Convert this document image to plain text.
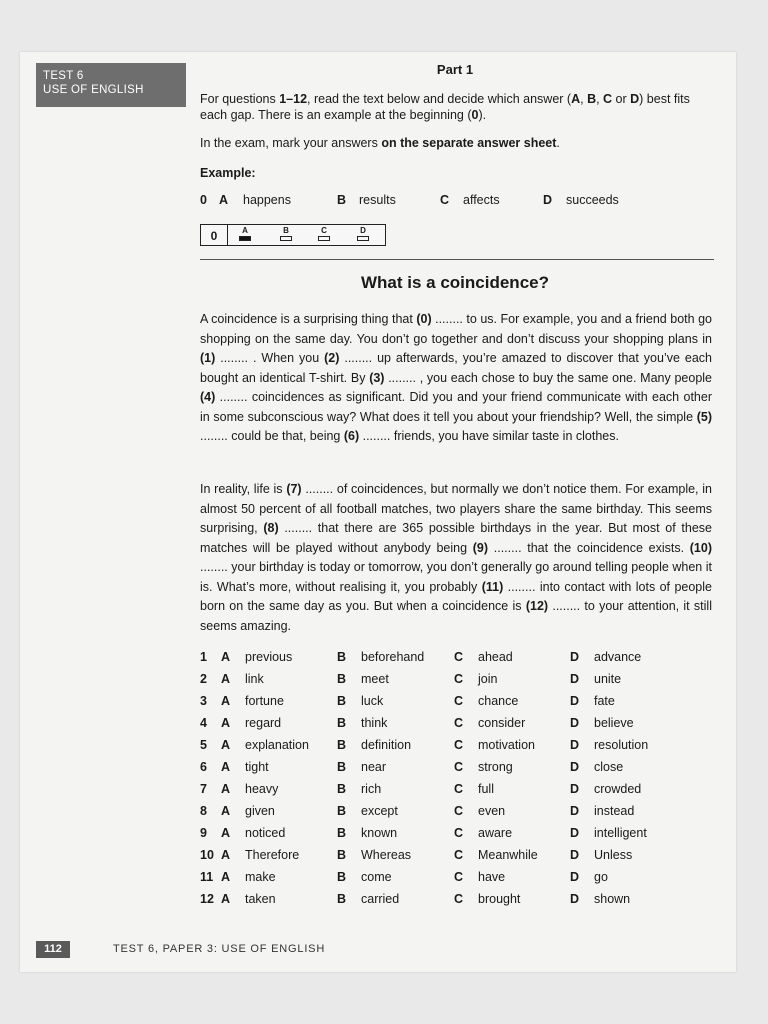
TEST 6
USE OF ENGLISH
Part 1
For questions 1–12, read the text below and decide which answer (A, B, C or D) best fits each gap. There is an example at the beginning (0).
In the exam, mark your answers on the separate answer sheet.
Example:
0 A happens	B results	C affects	D succeeds
0	A	B	C	D
What is a coincidence?

A coincidence is a surprising thing that (0) ........ to us. For example, you and a friend both go shopping on the same day. You don’t go together and don’t discuss your shopping plans in (1) ........ . When you (2) ........ up afterwards, you’re amazed to discover that you’ve each bought an identical T-shirt. By (3) ........ , you each chose to buy the same one. Many people (4) ........ coincidences as significant. Did you and your friend communicate with each other in some subconscious way? What does it tell you about your friendship? Well, the simple (5) ........ could be that, being (6) ........ friends, you have similar taste in clothes.

In reality, life is (7) ........ of coincidences, but normally we don’t notice them. For example, in almost 50 percent of all football matches, two players share the same birthday. This seems surprising, (8) ........ that there are 365 possible birthdays in the year. But most of these matches will be played without anybody being (9) ........ that the coincidence exists. (10) ........ your birthday is today or tomorrow, you don’t generally go around telling people when it is. What’s more, without realising it, you probably (11) ........ into contact with lots of people born on the same day as you. But when a coincidence is (12) ........ to your attention, it still seems amazing.

1 A previous	B beforehand C ahead	D advance
2 A link	B meet	C join	D unite
3 A fortune	B luck	C chance	D fate
4 A regard	B think	C consider	D believe
5 A explanation B definition	C motivation	D resolution
6 A tight	B near	C strong	D close
7 A heavy	B rich	C full	D crowded
8 A given	B except	C even	D instead
9 A noticed	B known	C aware	D intelligent
10 A Therefore	B Whereas	C Meanwhile	D Unless
11 A make	B come	C have	D go
12 A taken	B carried	C brought	D shown
112	TEST 6, PAPER 3: USE OF ENGLISH
